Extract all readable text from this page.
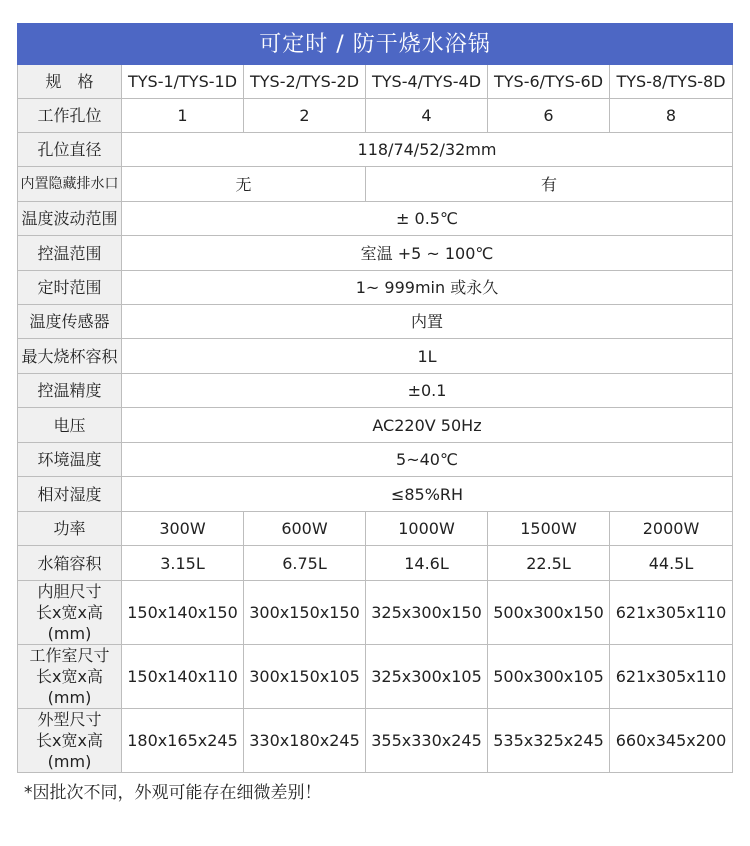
可定时 / 防干烧水浴锅					
规　格	TYS-1/TYS-1D	TYS-2/TYS-2D	TYS-4/TYS-4D	TYS-6/TYS-6D	TYS-8/TYS-8D
工作孔位	1	2	4	6	8
孔位直径	118/74/52/32mm				
内置隐藏排水口	无		有		
温度波动范围	± 0.5℃				
控温范围	室温 +5 ~ 100℃				
定时范围	1~ 999min 或永久				
温度传感器	内置				
最大烧杯容积	1L				
控温精度	±0.1				
电压	AC220V 50Hz				
环境温度	5~40℃				
相对湿度	≤85%RH				
功率	300W	600W	1000W	1500W	2000W
水箱容积	3.15L	6.75L	14.6L	22.5L	44.5L

内胆尺寸
长x宽x高(mm)	150x140x150	300x150x150	325x300x150	500x300x150	621x305x110

工作室尺寸
长x宽x高(mm)	150x140x110	300x150x105	325x300x105	500x300x105	621x305x110

外型尺寸
长x宽x高(mm)	180x165x245	330x180x245	355x330x245	535x325x245	660x345x200
*因批次不同，外观可能存在细微差别！
